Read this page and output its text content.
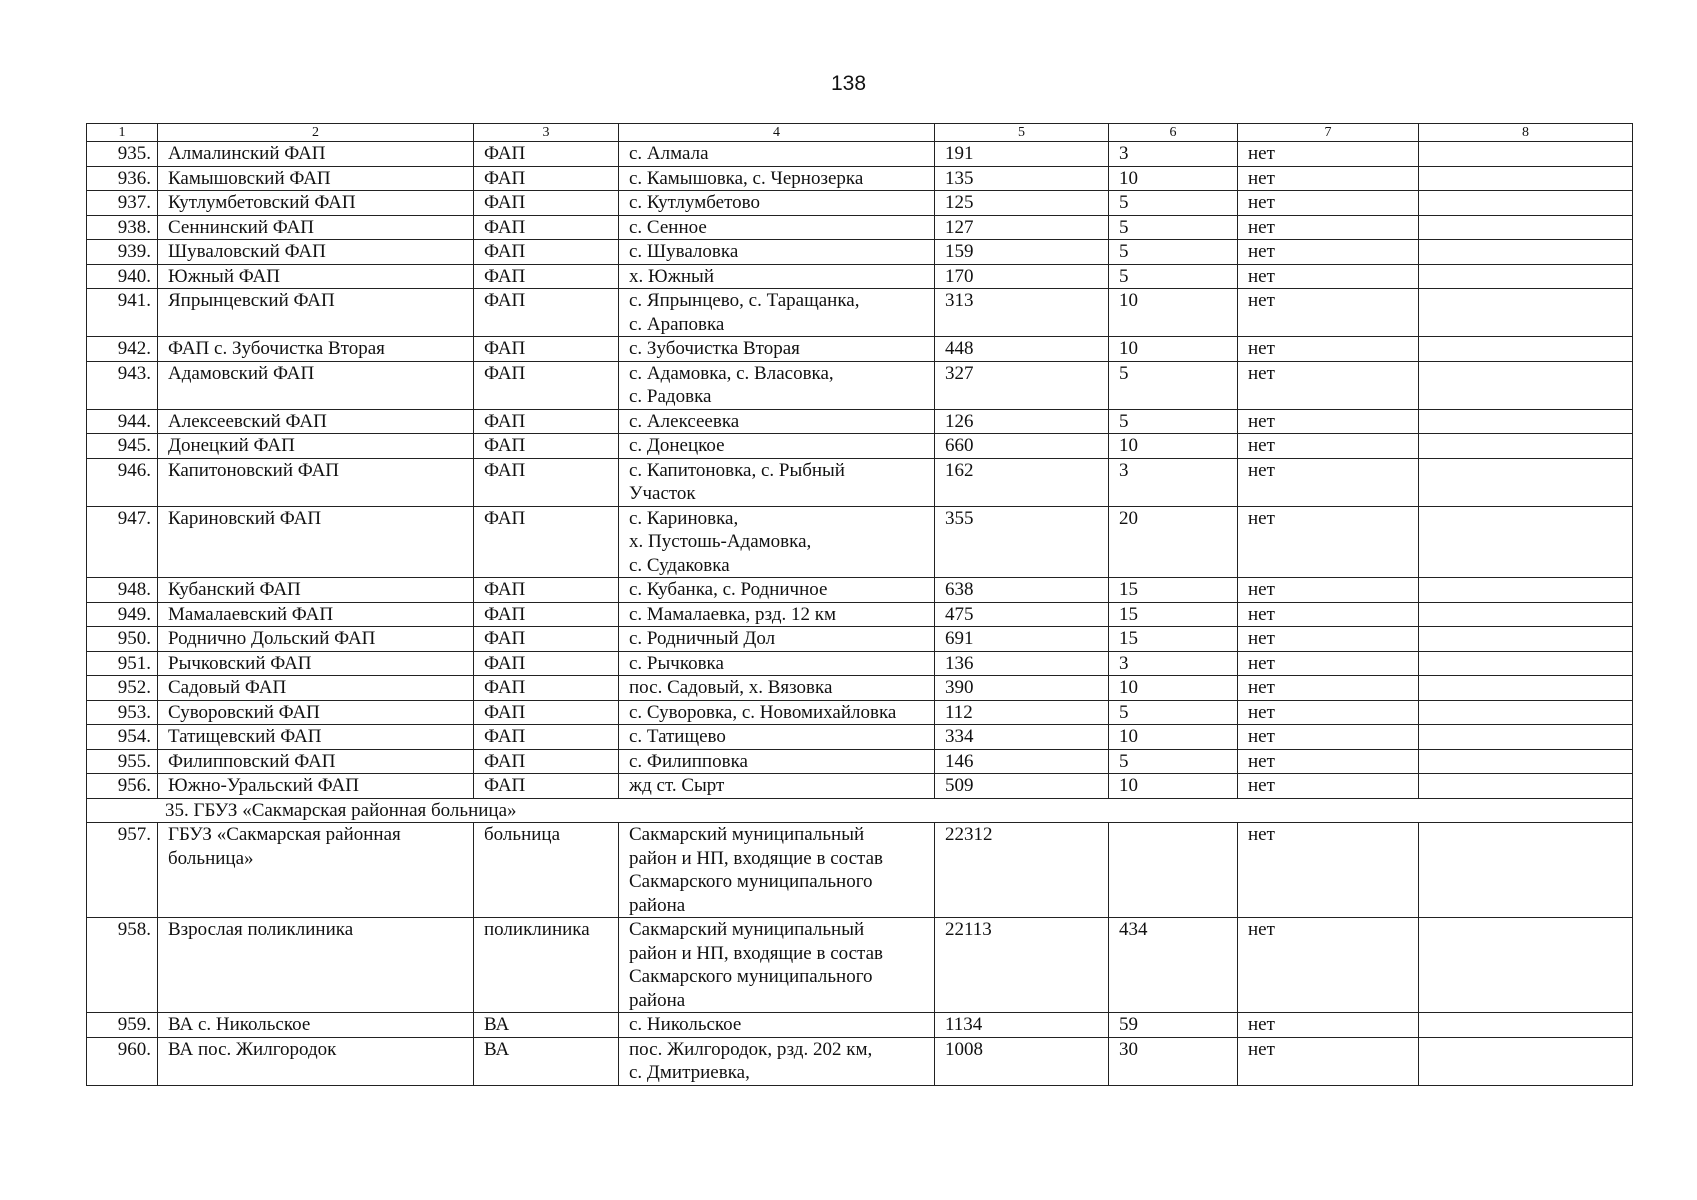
138
1	2	3	4	5	6	7	8
935.	Алмалинский ФАП	ФАП	с. Алмала	191	3	нет	
936.	Камышовский ФАП	ФАП	с. Камышовка, с. Чернозерка	135	10	нет	
937.	Кутлумбетовский ФАП	ФАП	с. Кутлумбетово	125	5	нет	
938.	Сеннинский ФАП	ФАП	с. Сенное	127	5	нет	
939.	Шуваловский ФАП	ФАП	с. Шуваловка	159	5	нет	
940.	Южный ФАП	ФАП	х. Южный	170	5	нет	
941.	Япрынцевский ФАП	ФАП	с. Япрынцево, с. Таращанка,
с. Араповка	313	10	нет	
942.	ФАП с. Зубочистка Вторая	ФАП	с. Зубочистка Вторая	448	10	нет	
943.	Адамовский ФАП	ФАП	с. Адамовка, с. Власовка,
с. Радовка	327	5	нет	
944.	Алексеевский ФАП	ФАП	с. Алексеевка	126	5	нет	
945.	Донецкий ФАП	ФАП	с. Донецкое	660	10	нет	
946.	Капитоновский ФАП	ФАП	с. Капитоновка, с. Рыбный
Участок	162	3	нет	
947.	Кариновский ФАП	ФАП	с. Кариновка,
х. Пустошь-Адамовка,
с. Судаковка	355	20	нет	
948.	Кубанский ФАП	ФАП	с. Кубанка, с. Родничное	638	15	нет	
949.	Мамалаевский ФАП	ФАП	с. Мамалаевка, рзд. 12 км	475	15	нет	
950.	Роднично Дольский ФАП	ФАП	с. Родничный Дол	691	15	нет	
951.	Рычковский ФАП	ФАП	с. Рычковка	136	3	нет	
952.	Садовый ФАП	ФАП	пос. Садовый, х. Вязовка	390	10	нет	
953.	Суворовский ФАП	ФАП	с. Суворовка, с. Новомихайловка	112	5	нет	
954.	Татищевский ФАП	ФАП	с. Татищево	334	10	нет	
955.	Филипповский ФАП	ФАП	с. Филипповка	146	5	нет	
956.	Южно-Уральский ФАП	ФАП	жд ст. Сырт	509	10	нет	
35. ГБУЗ «Сакмарская районная больница»							
957.	ГБУЗ «Сакмарская районная
больница»	больница	Сакмарский муниципальный
район и НП, входящие в состав
Сакмарского муниципального
района	22312		нет	
958.	Взрослая поликлиника	поликлиника	Сакмарский муниципальный
район и НП, входящие в состав
Сакмарского муниципального
района	22113	434	нет	
959.	ВА с. Никольское	ВА	с. Никольское	1134	59	нет	
960.	ВА пос. Жилгородок	ВА	пос. Жилгородок, рзд. 202 км,
с. Дмитриевка,	1008	30	нет	
